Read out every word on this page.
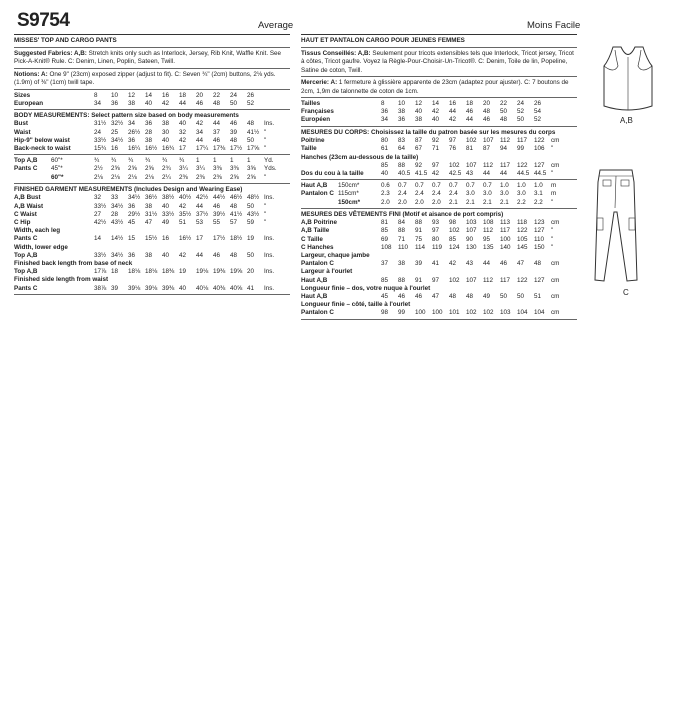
S9754	Average	Moins Facile

MISSES' TOP AND CARGO PANTS

Suggested Fabrics: A,B: Stretch knits only such as Interlock, Jersey, Rib Knit, Waffle Knit. See Pick-A-Knit® Rule. C: Denim, Linen, Poplin, Sateen, Twill.

Notions: A: One 9" (23cm) exposed zipper (adjust to fit). C: Seven ¾" (2cm) buttons, 2⅛ yds. (1.9m) of ⅜" (1cm) twill tape.

Sizes	8	10	12	14	16	18	20	22	24	26	
European	34	36	38	40	42	44	46	48	50	52	

BODY MEASUREMENTS: Select pattern size based on body measurements

Bust	31½	32½	34	36	38	40	42	44	46	48	Ins.
Waist	24	25	26½	28	30	32	34	37	39	41½	"
Hip-9" below waist	33½	34½	36	38	40	42	44	46	48	50	"
Back-neck to waist	15¾	16	16¼	16½	16¾	17	17¼	17⅜	17½	17⅝	"
Top A,B	60"*	¾	¾	¾	¾	¾	¾	1	1	1	1	Yd.
Pants C	45"*	2½	2⅝	2⅝	2⅝	2¾	3¼	3¼	3⅜	3⅜	3⅝	Yds.
	60"*	2⅛	2⅛	2⅛	2⅛	2¼	2⅜	2⅜	2⅜	2⅝	2⅝	"

FINISHED GARMENT MEASUREMENTS (Includes Design and Wearing Ease)

A,B Bust	32	33	34½	36½	38½	40½	42½	44½	46½	48½	Ins.
A,B Waist	33½	34½	36	38	40	42	44	46	48	50	"
C Waist	27	28	29½	31½	33½	35½	37½	39½	41½	43½	"
C Hip	42½	43½	45	47	49	51	53	55	57	59	"
Width, each leg											
Pants C	14	14½	15	15½	16	16½	17	17½	18½	19	Ins.
Width, lower edge											
Top A,B	33½	34½	36	38	40	42	44	46	48	50	Ins.
Finished back length from base of neck											
Top A,B	17⅞	18	18⅛	18⅛	18⅜	19	19⅛	19⅜	19⅝	20	Ins.
Finished side length from waist											
Pants C	38⅞	39	39⅛	39⅛	39⅜	40	40⅛	40⅜	40⅝	41	Ins.

HAUT ET PANTALON CARGO POUR JEUNES FEMMES

Tissus Conseillés: A,B: Seulement pour tricots extensibles tels que Interlock, Tricot jersey, Tricot à côtes, Tricot gaufre. Voyez la Règle-Pour-Choisir-Un-Tricot®. C: Denim, Toile de lin, Popeline, Satine de coton, Twill.

Mercerie: A: 1 fermeture à glissière apparente de 23cm (adaptez pour ajuster). C: 7 boutons de 2cm, 1,9m de talonnette de coton de 1cm.

Tailles	8	10	12	14	16	18	20	22	24	26	
Françaises	36	38	40	42	44	46	48	50	52	54	
Européen	34	36	38	40	42	44	46	48	50	52	

MESURES DU CORPS: Choisissez la taille du patron basée sur les mesures du corps

Poitrine	80	83	87	92	97	102	107	112	117	122	cm
Taille	61	64	67	71	76	81	87	94	99	106	"
Hanches (23cm au-dessous de la taille)											
	85	88	92	97	102	107	112	117	122	127	cm
Dos du cou à la taille	40	40.5	41.5	42	42.5	43	44	44	44.5	44.5	"
Haut A,B	150cm*	0.6	0.7	0.7	0.7	0.7	0.7	0.7	1.0	1.0	1.0	m
Pantalon C	115cm*	2.3	2.4	2.4	2.4	2.4	3.0	3.0	3.0	3.0	3.1	m
	150cm*	2.0	2.0	2.0	2.0	2.1	2.1	2.1	2.1	2.2	2.2	"

MESURES DES VÊTEMENTS FINI (Motif et aisance de port compris)

A,B Poitrine	81	84	88	93	98	103	108	113	118	123	cm
A,B Taille	85	88	91	97	102	107	112	117	122	127	"
C Taille	69	71	75	80	85	90	95	100	105	110	"
C Hanches	108	110	114	119	124	130	135	140	145	150	"
Largeur, chaque jambe											
Pantalon C	37	38	39	41	42	43	44	46	47	48	cm
Largeur à l'ourlet											
Haut A,B	85	88	91	97	102	107	112	117	122	127	cm
Longueur finie – dos, votre nuque à l'ourlet											
Haut A,B	45	46	46	47	48	48	49	50	50	51	cm
Longueur finie – côté, taille à l'ourlet											
Pantalon C	98	99	100	100	101	102	102	103	104	104	cm
A,B
C
